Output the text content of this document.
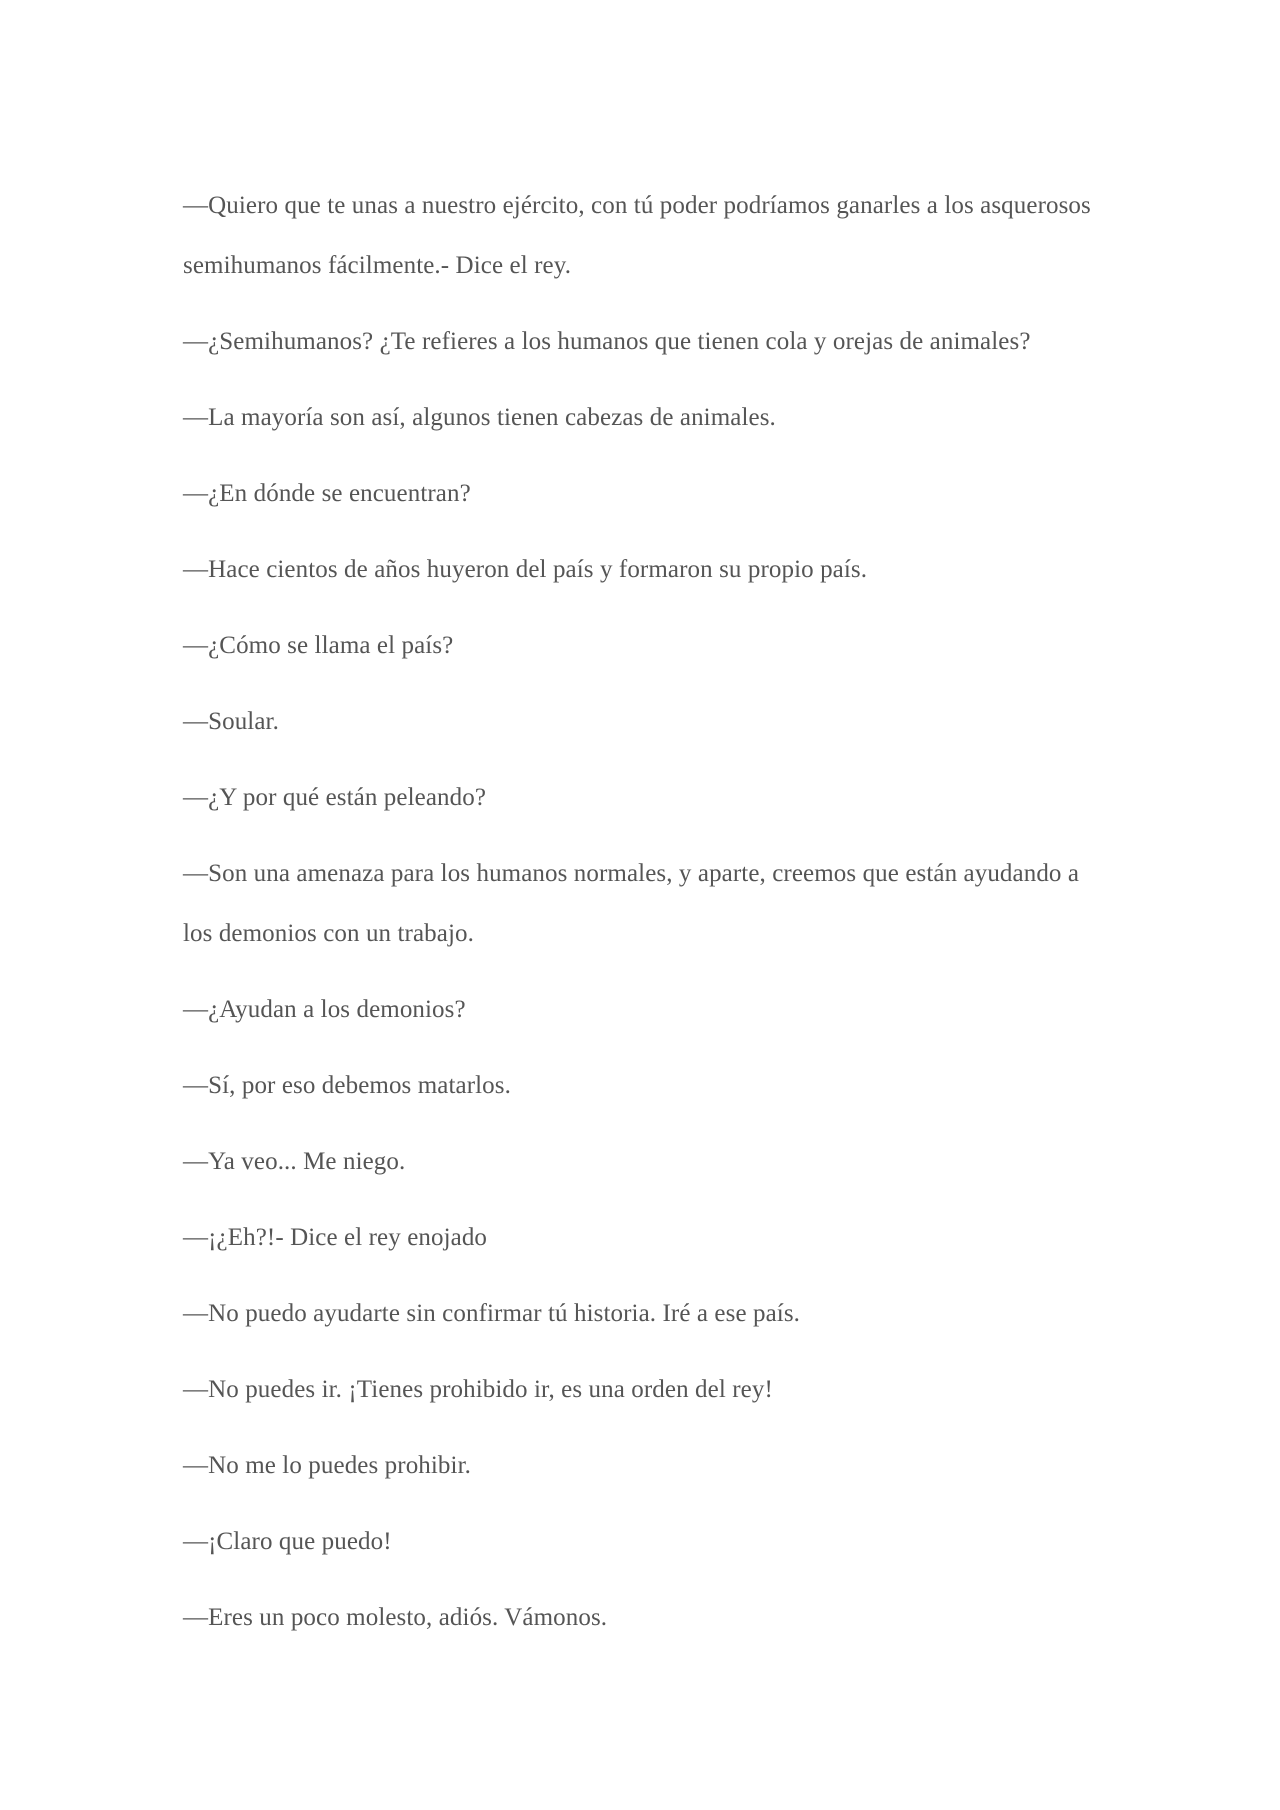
—Quiero que te unas a nuestro ejército, con tú poder podríamos ganarles a los asquerosos semihumanos fácilmente.- Dice el rey.

—¿Semihumanos? ¿Te refieres a los humanos que tienen cola y orejas de animales?

—La mayoría son así, algunos tienen cabezas de animales.

—¿En dónde se encuentran?

—Hace cientos de años huyeron del país y formaron su propio país.

—¿Cómo se llama el país?

—Soular.

—¿Y por qué están peleando?

—Son una amenaza para los humanos normales, y aparte, creemos que están ayudando a los demonios con un trabajo.

—¿Ayudan a los demonios?

—Sí, por eso debemos matarlos.

—Ya veo... Me niego.

—¡¿Eh?!- Dice el rey enojado

—No puedo ayudarte sin confirmar tú historia. Iré a ese país.

—No puedes ir. ¡Tienes prohibido ir, es una orden del rey!

—No me lo puedes prohibir.

—¡Claro que puedo!

—Eres un poco molesto, adiós. Vámonos.
